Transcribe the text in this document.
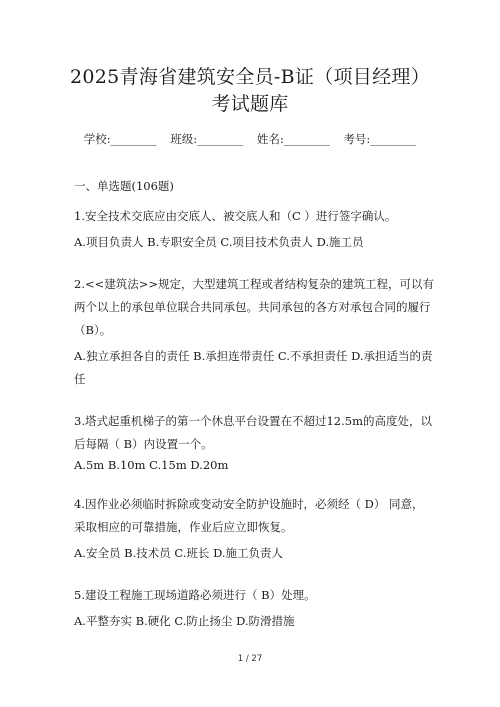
2025青海省建筑安全员-B证（项目经理）
考试题库
学校:________ 班级:________ 姓名:________ 考号:________
一、单选题(106题)
1.安全技术交底应由交底人、被交底人和（C ）进行签字确认。
A.项目负责人 B.专职安全员 C.项目技术负责人 D.施工员
2.<<建筑法>>规定，大型建筑工程或者结构复杂的建筑工程，可以有两个以上的承包单位联合共同承包。共同承包的各方对承包合同的履行（B）。
A.独立承担各自的责任 B.承担连带责任 C.不承担责任 D.承担适当的责任
3.塔式起重机梯子的第一个休息平台设置在不超过12.5m的高度处，以后每隔（ B）内设置一个。
A.5m B.10m C.15m D.20m
4.因作业必须临时拆除或变动安全防护设施时，必须经（ D） 同意，采取相应的可靠措施，作业后应立即恢复。
A.安全员 B.技术员 C.班长 D.施工负责人
5.建设工程施工现场道路必须进行（ B）处理。
A.平整夯实 B.硬化 C.防止扬尘 D.防滑措施
1 / 27
